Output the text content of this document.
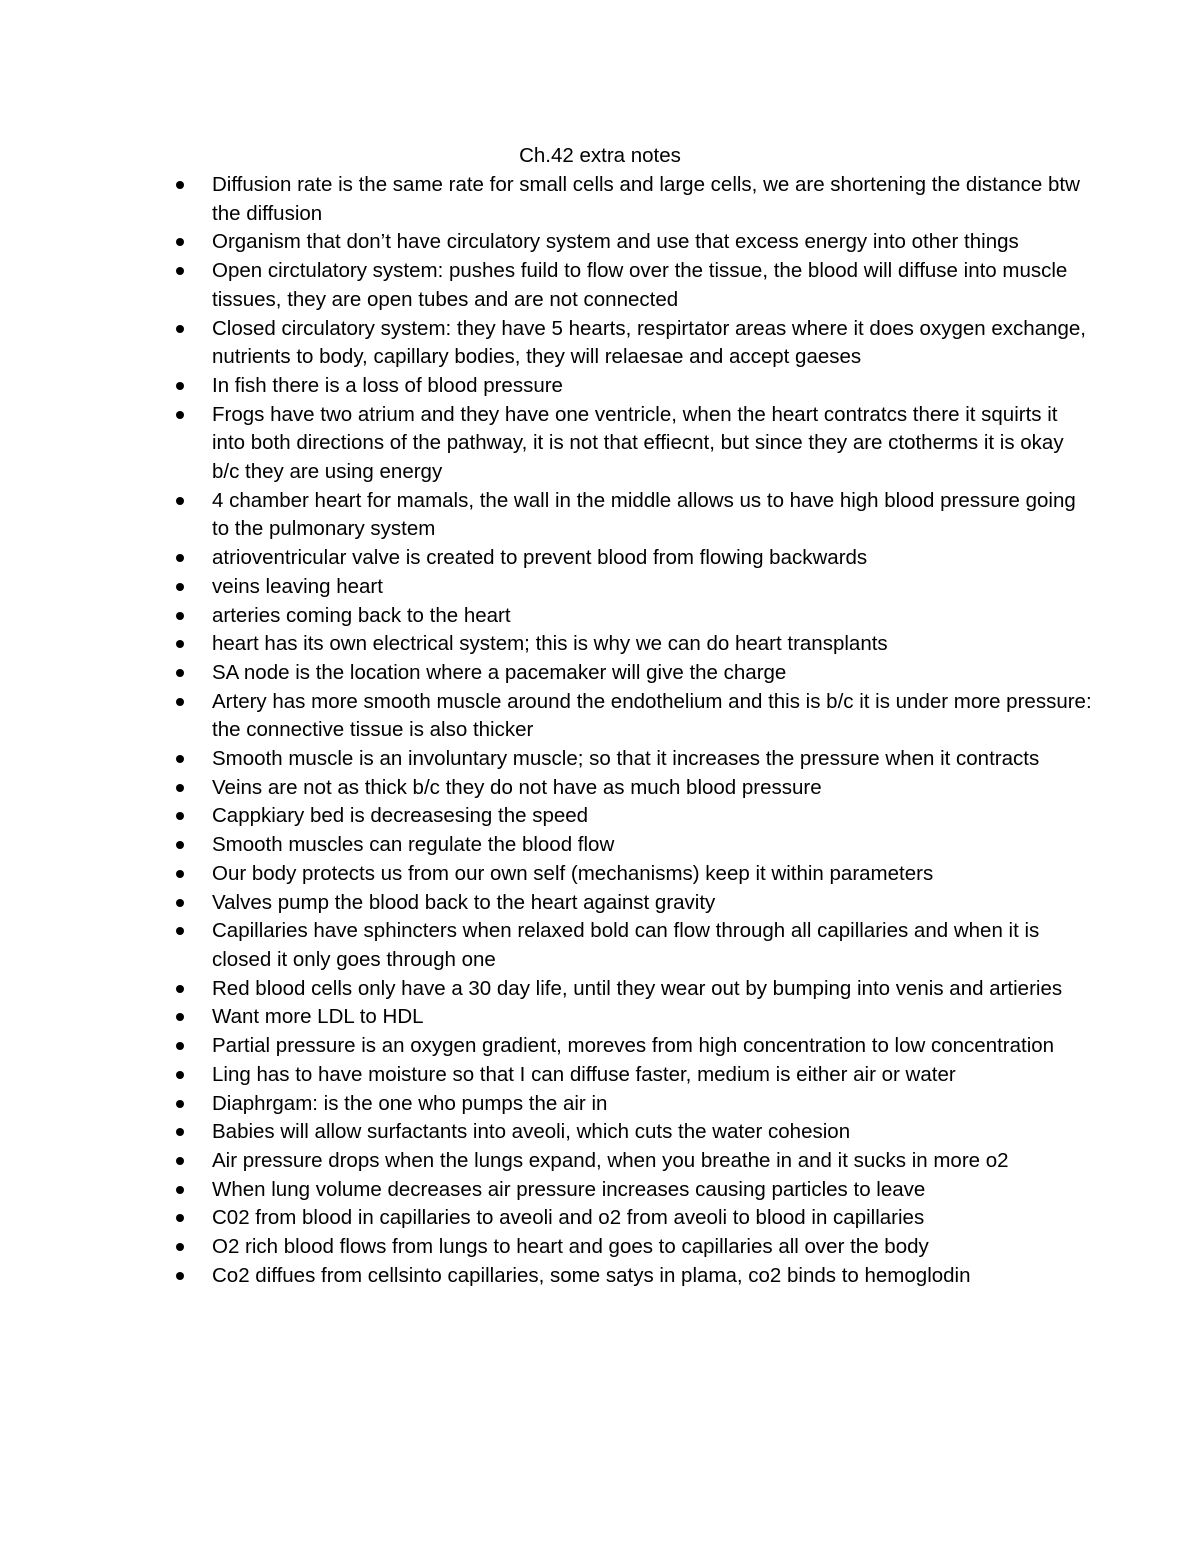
Ch.42 extra notes
Diffusion rate is the same rate for small cells and large cells, we are shortening the distance btw the diffusion
Organism that don’t have circulatory system and use that excess energy into other things
Open circtulatory system: pushes fuild to flow over the tissue, the blood will diffuse into muscle tissues, they are open tubes and are not connected
Closed circulatory system: they have 5 hearts, respirtator areas where it does oxygen exchange, nutrients to body, capillary bodies, they will relaesae and accept gaeses
In fish there is a loss of blood pressure
Frogs have two atrium and they have one ventricle, when the heart contratcs there it squirts it into both directions of the pathway, it is not that effiecnt, but since they are ctotherms it is okay b/c they are using energy
4 chamber heart for mamals, the wall in the middle allows us to have high blood pressure going to the pulmonary system
atrioventricular valve is created to prevent blood from flowing backwards
veins leaving heart
arteries coming back to the heart
heart has its own electrical system; this is why we can do heart transplants
SA node is the location where a pacemaker will give the charge
Artery has more smooth muscle around the endothelium and this is b/c it is under more pressure: the connective tissue is also thicker
Smooth muscle is an involuntary muscle; so that it increases the pressure when it contracts
Veins are not as thick b/c they do not have as much blood pressure
Cappkiary bed is decreasesing the speed
Smooth muscles can regulate the blood flow
Our body protects us from our own self (mechanisms) keep it within parameters
Valves pump the blood back to the heart against gravity
Capillaries have sphincters when relaxed bold can flow through all capillaries and when it is closed it only goes through one
Red blood cells only have a 30 day life, until they wear out by bumping into venis and artieries
Want more LDL to HDL
Partial pressure is an oxygen gradient, moreves from high concentration to low concentration
Ling has to have moisture so that I can diffuse faster, medium is either air or water
Diaphrgam: is the one who pumps the air in
Babies will allow surfactants into aveoli, which cuts the water cohesion
Air pressure drops when the lungs expand, when you breathe in and it sucks in more o2
When lung volume decreases air pressure increases causing particles to leave
C02 from blood in capillaries to aveoli and o2 from aveoli to blood in capillaries
O2 rich blood flows from lungs to heart and goes to capillaries all over the body
Co2 diffues from cellsinto capillaries, some satys in plama, co2 binds to hemoglodin
